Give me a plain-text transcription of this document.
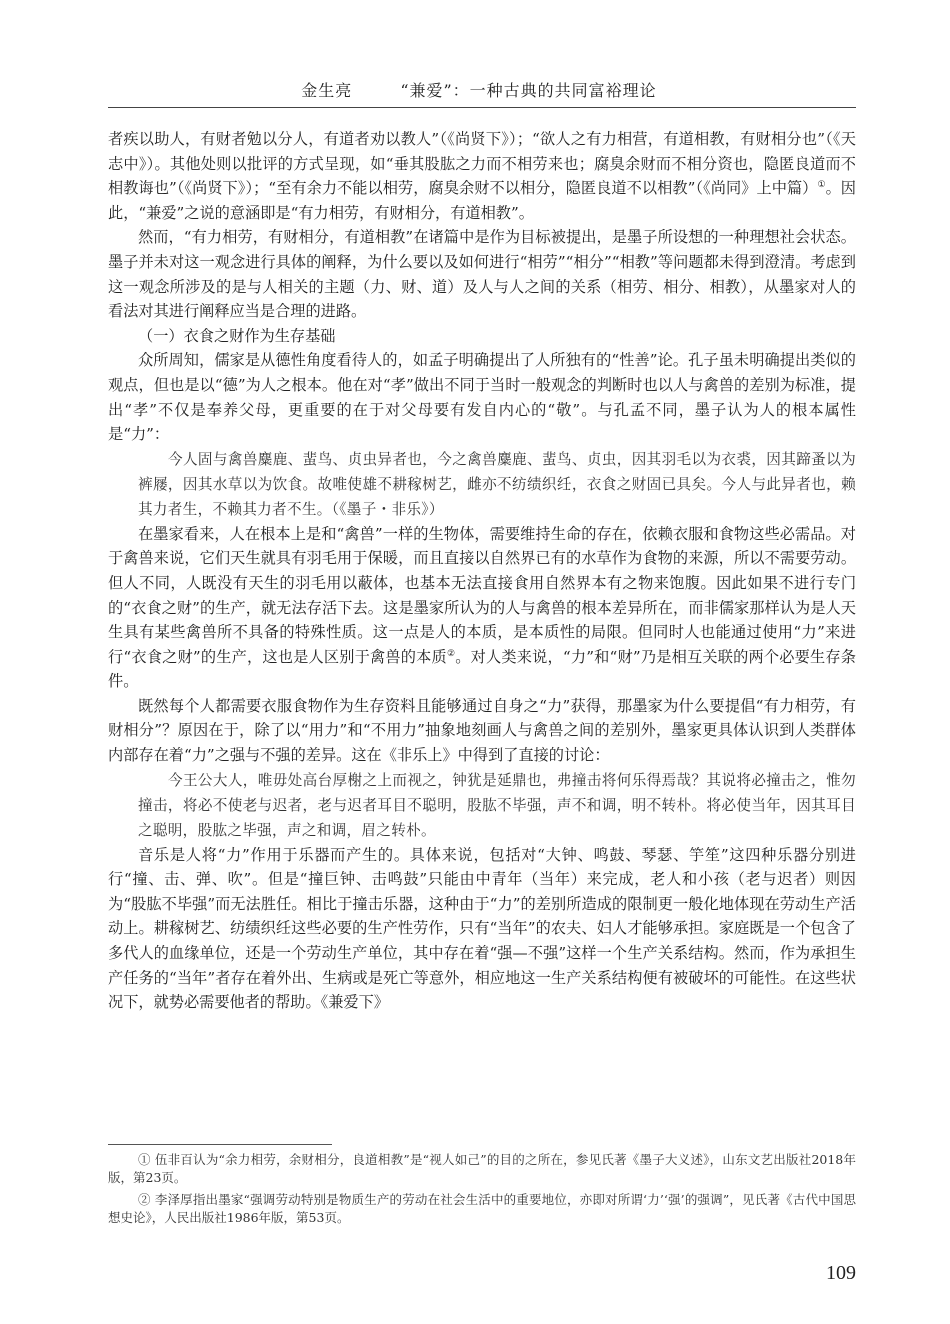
金生亮	“兼爱”：一种古典的共同富裕理论

者疾以助人，有财者勉以分人，有道者劝以教人”（《尚贤下》）；“欲人之有力相营，有道相教，有财相分也”（《天志中》）。其他处则以批评的方式呈现，如“垂其股肱之力而不相劳来也；腐臭余财而不相分资也，隐匿良道而不相教诲也”（《尚贤下》）；“至有余力不能以相劳，腐臭余财不以相分，隐匿良道不以相教”（《尚同》上中篇）①。因此，“兼爱”之说的意涵即是“有力相劳，有财相分，有道相教”。

然而，“有力相劳，有财相分，有道相教”在诸篇中是作为目标被提出，是墨子所设想的一种理想社会状态。墨子并未对这一观念进行具体的阐释，为什么要以及如何进行“相劳”“相分”“相教”等问题都未得到澄清。考虑到这一观念所涉及的是与人相关的主题（力、财、道）及人与人之间的关系（相劳、相分、相教），从墨家对人的看法对其进行阐释应当是合理的进路。

（一）衣食之财作为生存基础

众所周知，儒家是从德性角度看待人的，如孟子明确提出了人所独有的“性善”论。孔子虽未明确提出类似的观点，但也是以“德”为人之根本。他在对“孝”做出不同于当时一般观念的判断时也以人与禽兽的差别为标准，提出“孝”不仅是奉养父母，更重要的在于对父母要有发自内心的“敬”。与孔孟不同，墨子认为人的根本属性是“力”：

今人固与禽兽麋鹿、蜚鸟、贞虫异者也，今之禽兽麋鹿、蜚鸟、贞虫，因其羽毛以为衣裘，因其蹄蚤以为裤屦，因其水草以为饮食。故唯使雄不耕稼树艺，雌亦不纺绩织纴，衣食之财固已具矣。今人与此异者也，赖其力者生，不赖其力者不生。（《墨子・非乐》）

在墨家看来，人在根本上是和“禽兽”一样的生物体，需要维持生命的存在，依赖衣服和食物这些必需品。对于禽兽来说，它们天生就具有羽毛用于保暖，而且直接以自然界已有的水草作为食物的来源，所以不需要劳动。但人不同，人既没有天生的羽毛用以蔽体，也基本无法直接食用自然界本有之物来饱腹。因此如果不进行专门的“衣食之财”的生产，就无法存活下去。这是墨家所认为的人与禽兽的根本差异所在，而非儒家那样认为是人天生具有某些禽兽所不具备的特殊性质。这一点是人的本质，是本质性的局限。但同时人也能通过使用“力”来进行“衣食之财”的生产，这也是人区别于禽兽的本质②。对人类来说，“力”和“财”乃是相互关联的两个必要生存条件。

既然每个人都需要衣服食物作为生存资料且能够通过自身之“力”获得，那墨家为什么要提倡“有力相劳，有财相分”？原因在于，除了以“用力”和“不用力”抽象地刻画人与禽兽之间的差别外，墨家更具体认识到人类群体内部存在着“力”之强与不强的差异。这在《非乐上》中得到了直接的讨论：

今王公大人，唯毋处高台厚榭之上而视之，钟犹是延鼎也，弗撞击将何乐得焉哉？其说将必撞击之，惟勿撞击，将必不使老与迟者，老与迟者耳目不聪明，股肱不毕强，声不和调，明不转朴。将必使当年，因其耳目之聪明，股肱之毕强，声之和调，眉之转朴。

音乐是人将“力”作用于乐器而产生的。具体来说，包括对“大钟、鸣鼓、琴瑟、竽笙”这四种乐器分别进行“撞、击、弹、吹”。但是“撞巨钟、击鸣鼓”只能由中青年（当年）来完成，老人和小孩（老与迟者）则因为“股肱不毕强”而无法胜任。相比于撞击乐器，这种由于“力”的差别所造成的限制更一般化地体现在劳动生产活动上。耕稼树艺、纺绩织纴这些必要的生产性劳作，只有“当年”的农夫、妇人才能够承担。家庭既是一个包含了多代人的血缘单位，还是一个劳动生产单位，其中存在着“强—不强”这样一个生产关系结构。然而，作为承担生产任务的“当年”者存在着外出、生病或是死亡等意外，相应地这一生产关系结构便有被破坏的可能性。在这些状况下，就势必需要他者的帮助。《兼爱下》

① 伍非百认为“余力相劳，余财相分，良道相教”是“视人如己”的目的之所在，参见氏著《墨子大义述》，山东文艺出版社2018年版，第23页。

② 李泽厚指出墨家“强调劳动特别是物质生产的劳动在社会生活中的重要地位，亦即对所谓‘力’‘强’的强调”，见氏著《古代中国思想史论》，人民出版社1986年版，第53页。

109
